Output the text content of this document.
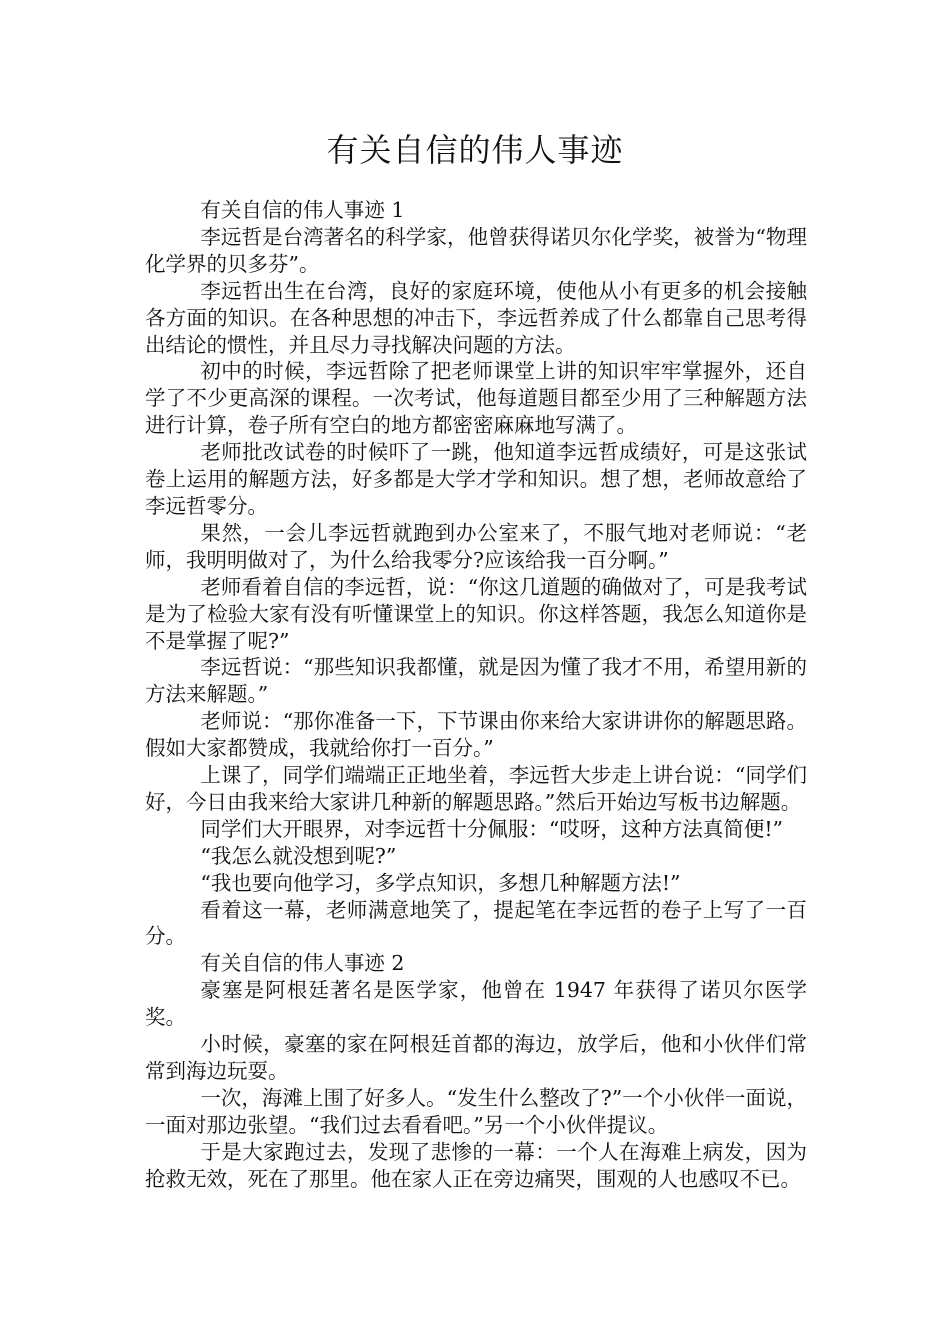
有关自信的伟人事迹

有关自信的伟人事迹 1

李远哲是台湾著名的科学家，他曾获得诺贝尔化学奖，被誉为“物理化学界的贝多芬”。

李远哲出生在台湾，良好的家庭环境，使他从小有更多的机会接触各方面的知识。在各种思想的冲击下，李远哲养成了什么都靠自己思考得出结论的惯性，并且尽力寻找解决问题的方法。

初中的时候，李远哲除了把老师课堂上讲的知识牢牢掌握外，还自学了不少更高深的课程。一次考试，他每道题目都至少用了三种解题方法进行计算，卷子所有空白的地方都密密麻麻地写满了。

老师批改试卷的时候吓了一跳，他知道李远哲成绩好，可是这张试卷上运用的解题方法，好多都是大学才学和知识。想了想，老师故意给了李远哲零分。

果然，一会儿李远哲就跑到办公室来了，不服气地对老师说：“老师，我明明做对了，为什么给我零分?应该给我一百分啊。”

老师看着自信的李远哲，说：“你这几道题的确做对了，可是我考试是为了检验大家有没有听懂课堂上的知识。你这样答题，我怎么知道你是不是掌握了呢?”

李远哲说：“那些知识我都懂，就是因为懂了我才不用，希望用新的方法来解题。”

老师说：“那你准备一下，下节课由你来给大家讲讲你的解题思路。假如大家都赞成，我就给你打一百分。”

上课了，同学们端端正正地坐着，李远哲大步走上讲台说：“同学们好，今日由我来给大家讲几种新的解题思路。”然后开始边写板书边解题。

同学们大开眼界，对李远哲十分佩服：“哎呀，这种方法真简便!”

“我怎么就没想到呢?”

“我也要向他学习，多学点知识，多想几种解题方法!”

看着这一幕，老师满意地笑了，提起笔在李远哲的卷子上写了一百分。

有关自信的伟人事迹 2

豪塞是阿根廷著名是医学家，他曾在 1947 年获得了诺贝尔医学奖。

小时候，豪塞的家在阿根廷首都的海边，放学后，他和小伙伴们常常到海边玩耍。

一次，海滩上围了好多人。“发生什么整改了?”一个小伙伴一面说，一面对那边张望。“我们过去看看吧。”另一个小伙伴提议。

于是大家跑过去，发现了悲惨的一幕：一个人在海难上病发，因为抢救无效，死在了那里。他在家人正在旁边痛哭，围观的人也感叹不已。
